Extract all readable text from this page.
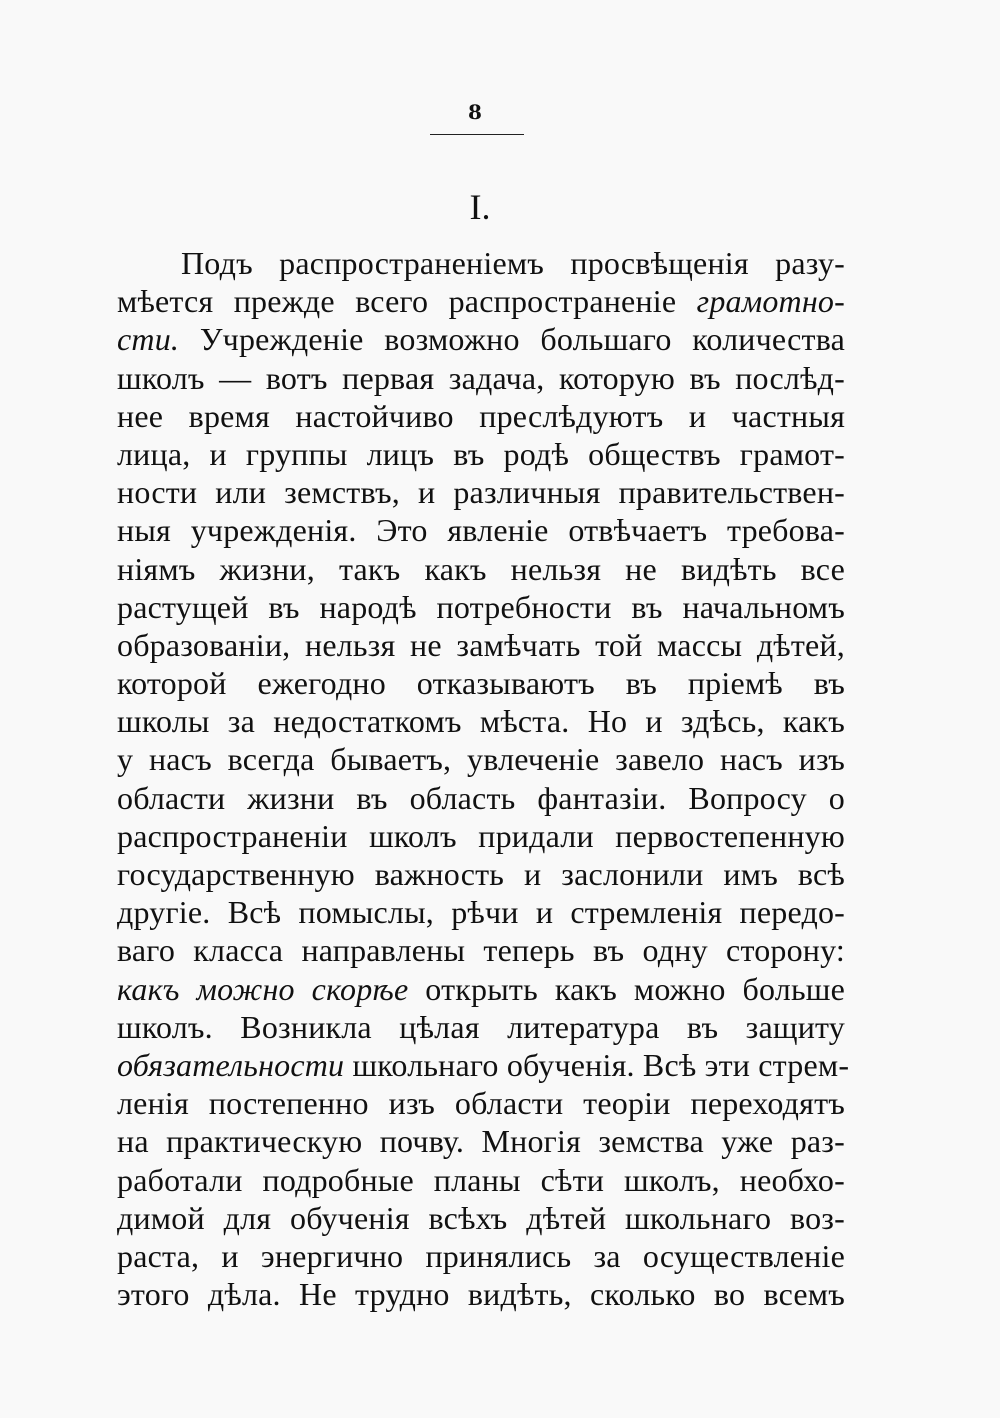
8
I.
Подъ распространенiемъ просвѣщенiя разу-
мѣется прежде всего распространенiе грамотно-
сти. Учрежденiе возможно большаго количества
школъ — вотъ первая задача, которую въ послѣд-
нее время настойчиво преслѣдуютъ и частныя
лица, и группы лицъ въ родѣ обществъ грамот-
ности или земствъ, и различныя правительствен-
ныя учрежденiя. Это явленiе отвѣчаетъ требова-
нiямъ жизни, такъ какъ нельзя не видѣть все
растущей въ народѣ потребности въ начальномъ
образованiи, нельзя не замѣчать той массы дѣтей,
которой ежегодно отказываютъ въ прiемѣ въ
школы за недостаткомъ мѣста. Но и здѣсь, какъ
у насъ всегда бываетъ, увлеченiе завело насъ изъ
области жизни въ область фантазiи. Вопросу о
распространенiи школъ придали первостепенную
государственную важность и заслонили имъ всѣ
другiе. Всѣ помыслы, рѣчи и стремленiя передо-
ваго класса направлены теперь въ одну сторону:
какъ можно скорѣе открыть какъ можно больше
школъ. Возникла цѣлая литература въ защиту
обязательности школьнаго обученiя. Всѣ эти стрем-
ленiя постепенно изъ области теорiи переходятъ
на практическую почву. Многiя земства уже раз-
работали подробные планы сѣти школъ, необхо-
димой для обученiя всѣхъ дѣтей школьнаго воз-
раста, и энергично принялись за осуществленiе
этого дѣла. Не трудно видѣть, сколько во всемъ
